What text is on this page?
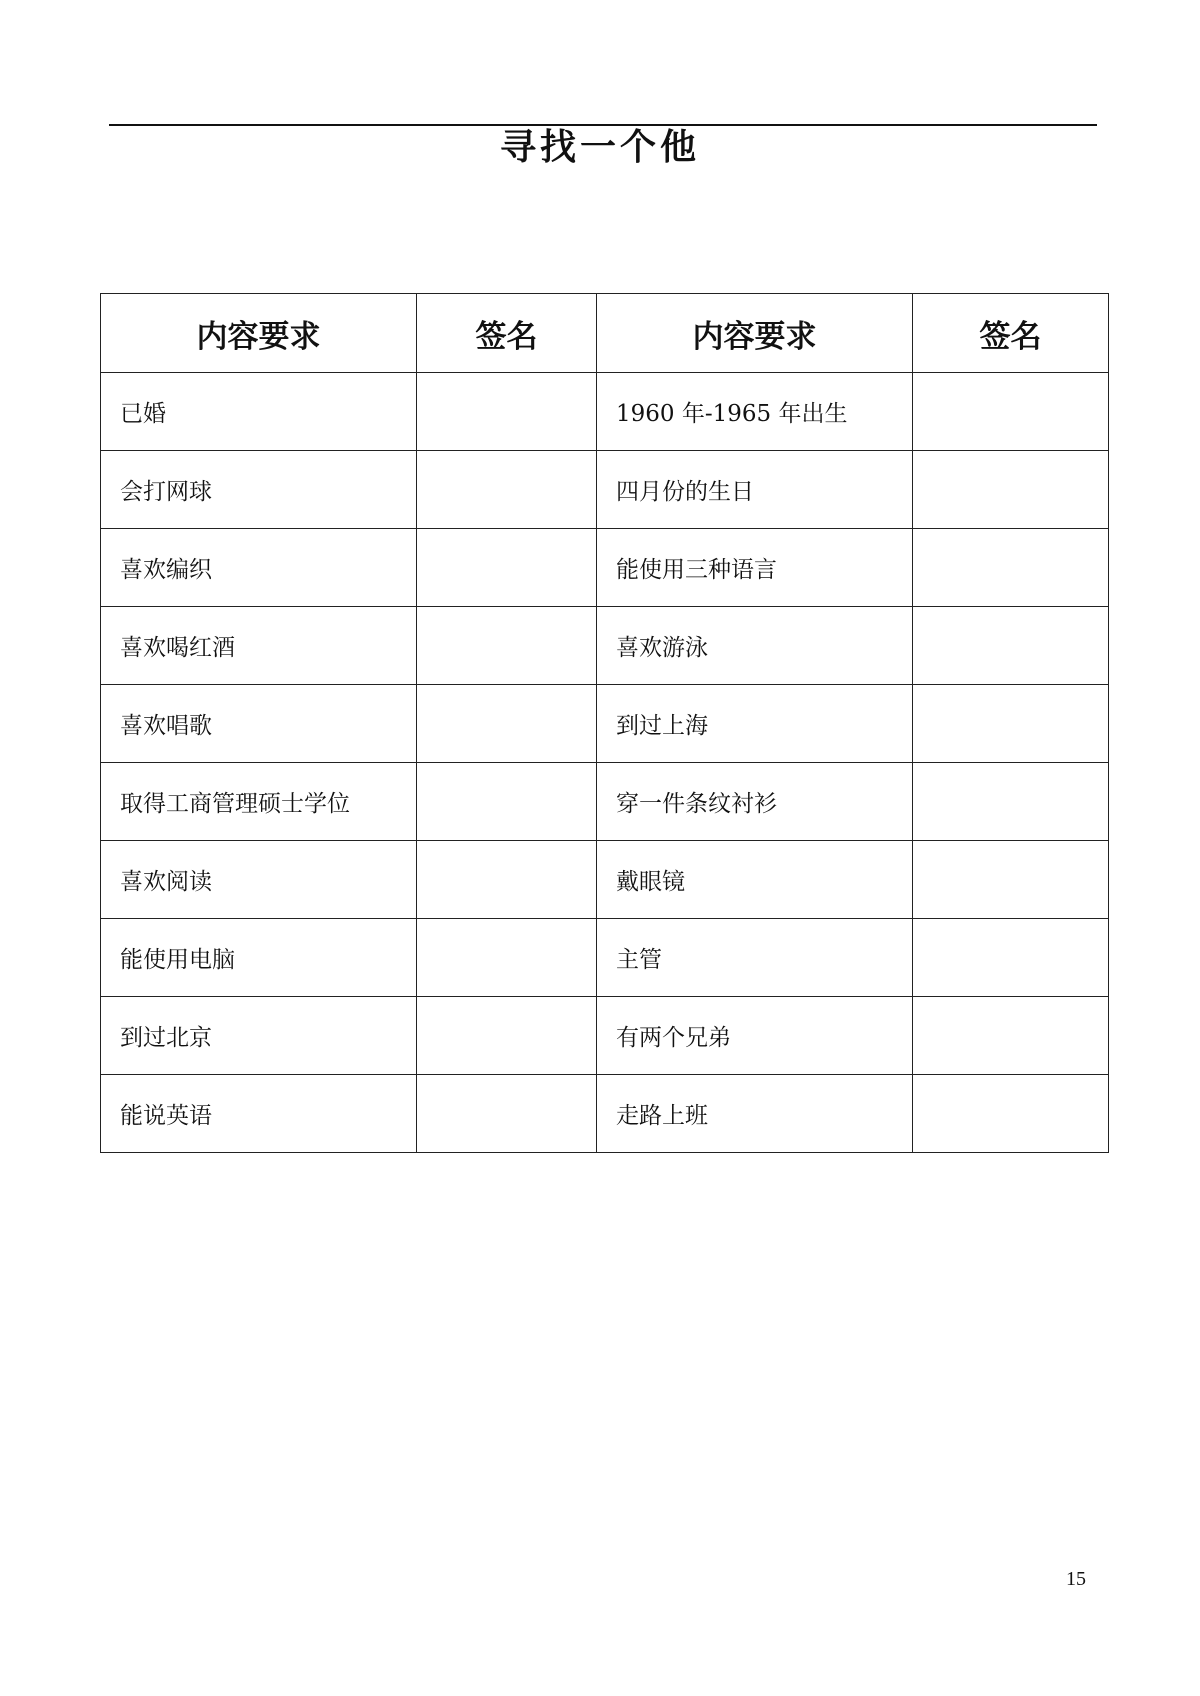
寻找一个他
内容要求	签名	内容要求	签名
已婚		1960 年-1965 年出生	
会打网球		四月份的生日	
喜欢编织		能使用三种语言	
喜欢喝红酒		喜欢游泳	
喜欢唱歌		到过上海	
取得工商管理硕士学位		穿一件条纹衬衫	
喜欢阅读		戴眼镜	
能使用电脑		主管	
到过北京		有两个兄弟	
能说英语		走路上班	
15
